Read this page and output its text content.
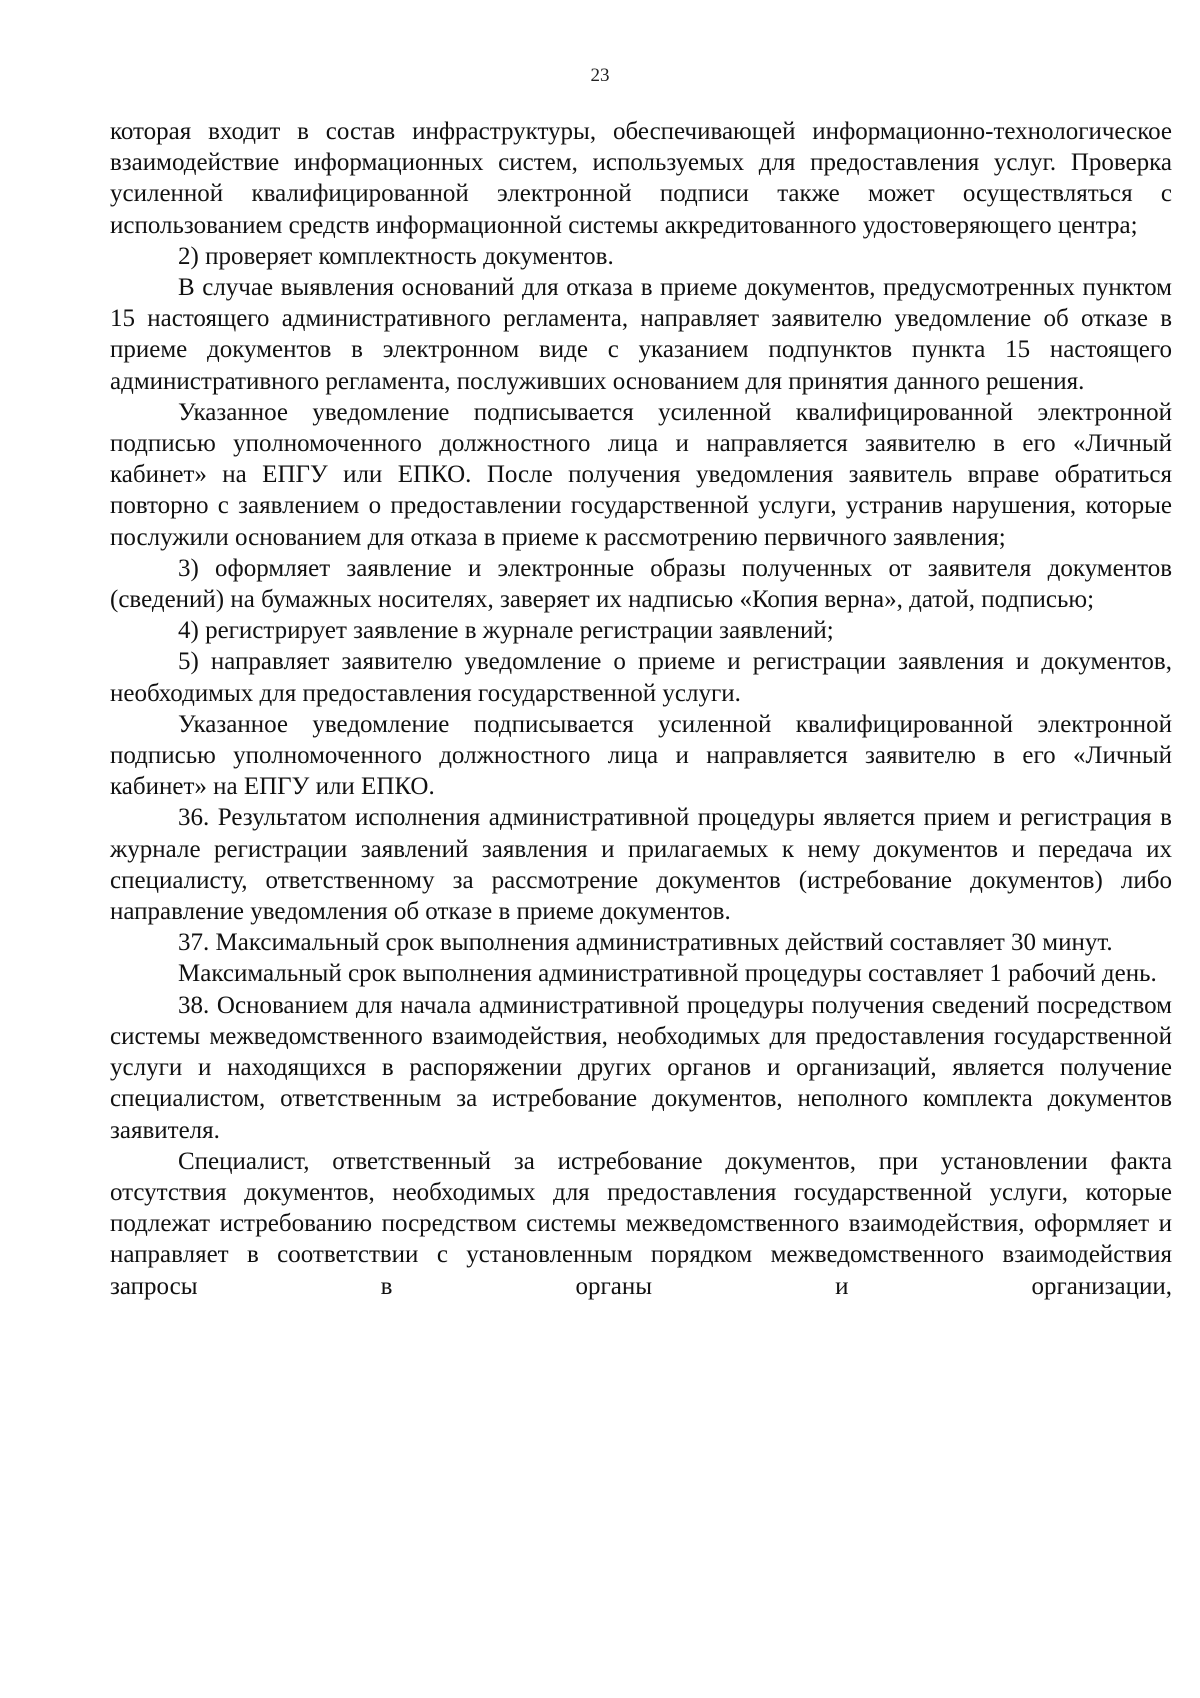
23

которая входит в состав инфраструктуры, обеспечивающей информационно-технологическое взаимодействие информационных систем, используемых для предоставления услуг. Проверка усиленной квалифицированной электронной подписи также может осуществляться с использованием средств информационной системы аккредитованного удостоверяющего центра;

2) проверяет комплектность документов.

В случае выявления оснований для отказа в приеме документов, предусмотренных пунктом 15 настоящего административного регламента, направляет заявителю уведомление об отказе в приеме документов в электронном виде с указанием подпунктов пункта 15 настоящего административного регламента, послуживших основанием для принятия данного решения.

Указанное уведомление подписывается усиленной квалифицированной электронной подписью уполномоченного должностного лица и направляется заявителю в его «Личный кабинет» на ЕПГУ или ЕПКО. После получения уведомления заявитель вправе обратиться повторно с заявлением о предоставлении государственной услуги, устранив нарушения, которые послужили основанием для отказа в приеме к рассмотрению первичного заявления;

3) оформляет заявление и электронные образы полученных от заявителя документов (сведений) на бумажных носителях, заверяет их надписью «Копия верна», датой, подписью;

4) регистрирует заявление в журнале регистрации заявлений;

5) направляет заявителю уведомление о приеме и регистрации заявления и документов, необходимых для предоставления государственной услуги.

Указанное уведомление подписывается усиленной квалифицированной электронной подписью уполномоченного должностного лица и направляется заявителю в его «Личный кабинет» на ЕПГУ или ЕПКО.

36. Результатом исполнения административной процедуры является прием и регистрация в журнале регистрации заявлений заявления и прилагаемых к нему документов и передача их специалисту, ответственному за рассмотрение документов (истребование документов) либо направление уведомления об отказе в приеме документов.

37. Максимальный срок выполнения административных действий составляет 30 минут.

Максимальный срок выполнения административной процедуры составляет 1 рабочий день.

38. Основанием для начала административной процедуры получения сведений посредством системы межведомственного взаимодействия, необходимых для предоставления государственной услуги и находящихся в распоряжении других органов и организаций, является получение специалистом, ответственным за истребование документов, неполного комплекта документов заявителя.

Специалист, ответственный за истребование документов, при установлении факта отсутствия документов, необходимых для предоставления государственной услуги, которые подлежат истребованию посредством системы межведомственного взаимодействия, оформляет и направляет в соответствии с установленным порядком межведомственного взаимодействия запросы в органы и организации,
